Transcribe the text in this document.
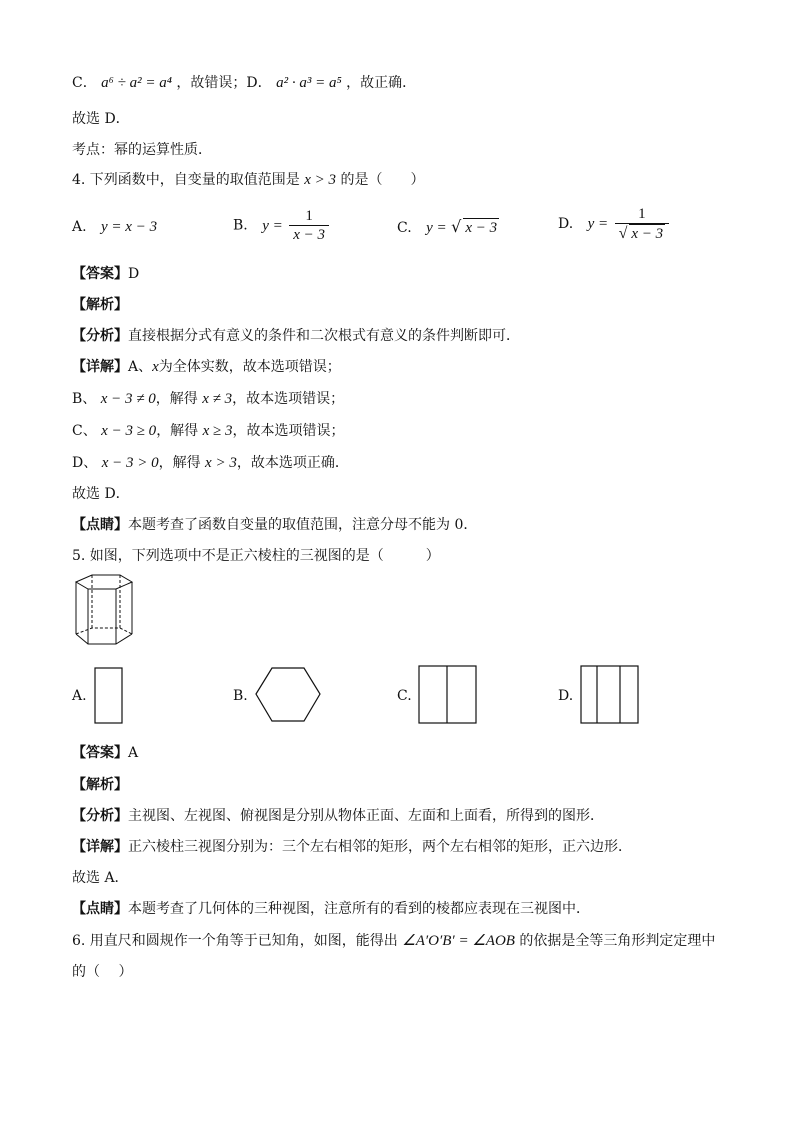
C． a⁶ ÷ a² = a⁴ ，故错误；D． a² · a³ = a⁵ ，故正确．
故选 D．
考点：幂的运算性质．
4. 下列函数中，自变量的取值范围是 x > 3 的是（　　）
A. y = x − 3	B. $y = \frac{1}{x - 3}$	C. y = √ x − 3	D. $y = \frac{1}{√ x - 3}$
【答案】D
【解析】
【分析】直接根据分式有意义的条件和二次根式有意义的条件判断即可．
【详解】A、x为全体实数，故本选项错误；
B、 x − 3 ≠ 0，解得 x ≠ 3，故本选项错误；
C、 x − 3 ≥ 0，解得 x ≥ 3，故本选项错误；
D、 x − 3 > 0，解得 x > 3，故本选项正确．
故选 D．
【点睛】本题考查了函数自变量的取值范围，注意分母不能为 0．
5. 如图，下列选项中不是正六棱柱的三视图的是（　　　）
A.	B.	C.	D.
【答案】A
【解析】
【分析】主视图、左视图、俯视图是分别从物体正面、左面和上面看，所得到的图形．
【详解】正六棱柱三视图分别为：三个左右相邻的矩形，两个左右相邻的矩形，正六边形．
故选 A．
【点睛】本题考查了几何体的三种视图，注意所有的看到的棱都应表现在三视图中．
6. 用直尺和圆规作一个角等于已知角，如图，能得出 ∠A′O′B′ = ∠AOB 的依据是全等三角形判定定理中
的（　 ）
